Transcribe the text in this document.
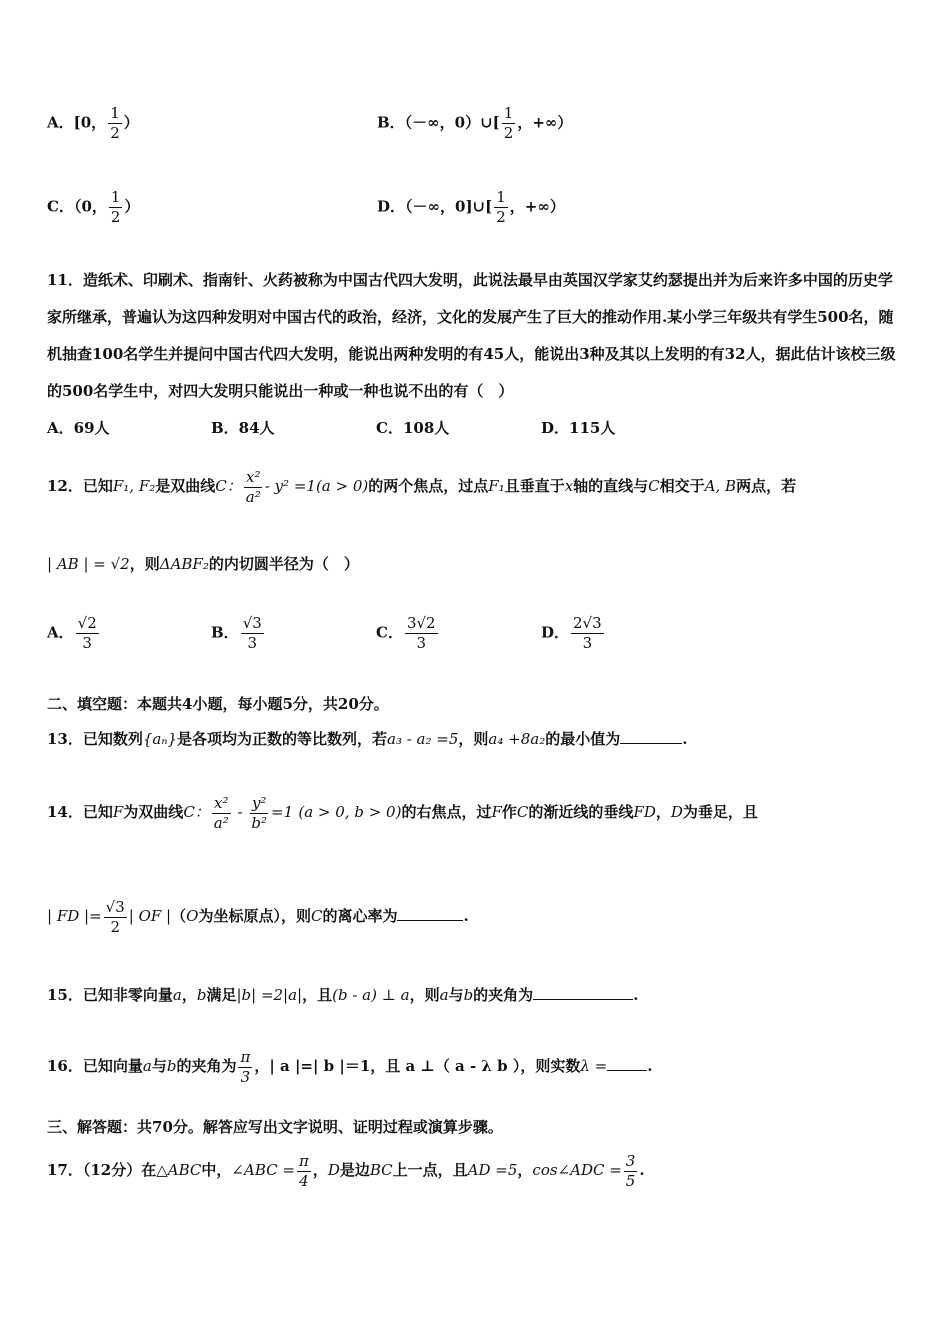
A．[0， $\frac{1}{2}$ ）	B．（－∞，0）∪[ $\frac{1}{2}$ ，+∞）
C．（0， $\frac{1}{2}$ ）	D．（－∞，0]∪[ $\frac{1}{2}$ ，+∞）
11．造纸术、印刷术、指南针、火药被称为中国古代四大发明，此说法最早由英国汉学家艾约瑟提出并为后来许多中国的历史学家所继承，普遍认为这四种发明对中国古代的政治，经济，文化的发展产生了巨大的推动作用.某小学三年级共有学生500名，随机抽查100名学生并提问中国古代四大发明，能说出两种发明的有45人，能说出3种及其以上发明的有32人，据此估计该校三级的500名学生中，对四大发明只能说出一种或一种也说不出的有（　）
A．69人	B．84人	C．108人	D．115人
12．已知F₁, F₂是双曲线C： $\frac{\text{x²}}{\text{a²}} - y^2 =1(a > 0)$的两个焦点，过点F₁且垂直于x轴的直线与C相交于A, B两点，若
| AB | = √2，则ΔABF₂的内切圆半径为（　）
A． $\frac{√2}{3}$	B． $\frac{√3}{3}$	C． $\frac{3√2}{3}$	D． $\frac{2√3}{3}$
二、填空题：本题共4小题，每小题5分，共20分。
13．已知数列{aₙ}是各项均为正数的等比数列，若a₃ - a₂ =5，则a₄ +8a₂的最小值为	.
14．已知F为双曲线C： $\frac{\text{x²}}{\text{a²}} - \frac{\text{y²}}{\text{b²}} =1$ (a > 0, b > 0)的右焦点，过F作C的渐近线的垂线FD，D为垂足，且
| FD |= $\frac{√3}{2}$ | OF |（O为坐标原点），则C的离心率为	.
15．已知非零向量a，b满足|b| =2|a|，且(b - a) ⊥ a，则a与b的夹角为	.
16．已知向量a与b的夹角为 $\frac{\pi}{3}$ ，| a |=| b |＝1，且 a ⊥（ a - λ b ），则实数λ =	.
三、解答题：共70分。解答应写出文字说明、证明过程或演算步骤。
17．（12分）在△ABC中，∠ABC = $\frac{\pi}{4}$ ，D是边BC上一点，且AD =5，cos∠ADC = $\frac{3}{5}$ .
